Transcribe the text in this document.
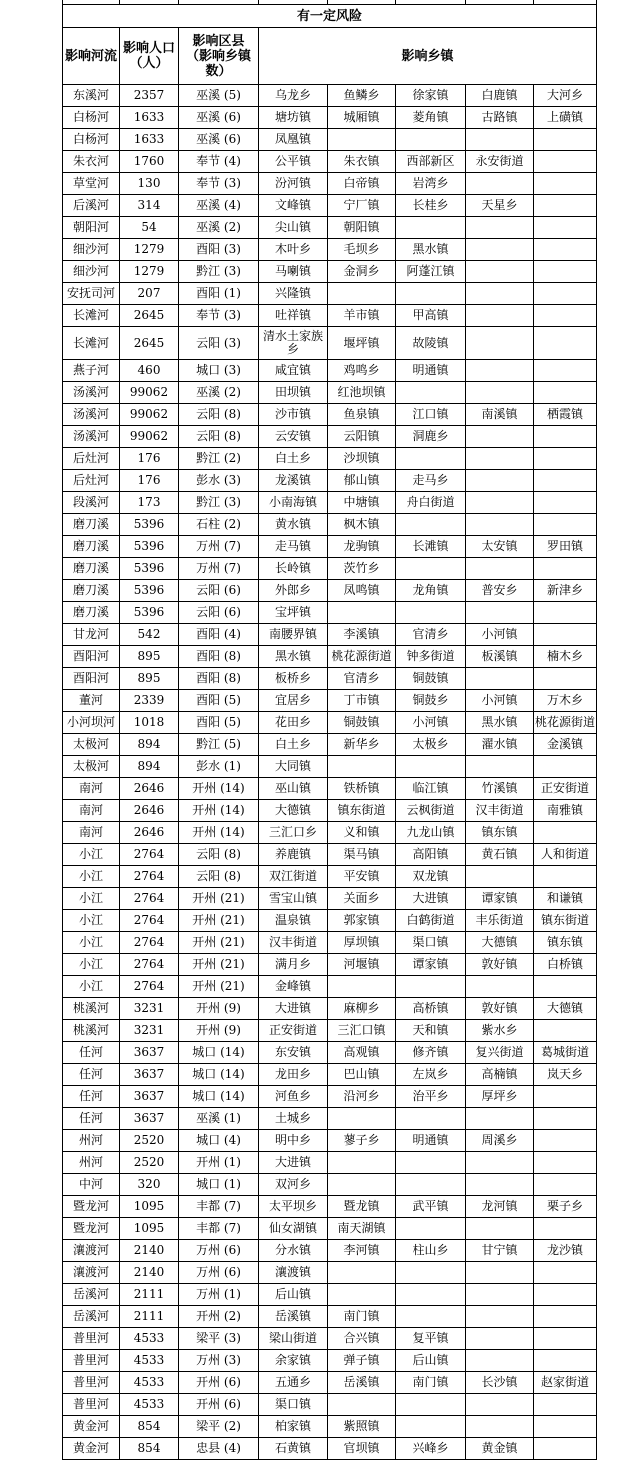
有一定风险							
影响河流	影响人口（人）	影响区县（影响乡镇数）	影响乡镇				
东溪河	2357	巫溪 (5)	乌龙乡	鱼鳞乡	徐家镇	白鹿镇	大河乡
白杨河	1633	巫溪 (6)	塘坊镇	城厢镇	菱角镇	古路镇	上磺镇
白杨河	1633	巫溪 (6)	凤凰镇				
朱衣河	1760	奉节 (4)	公平镇	朱衣镇	西部新区	永安街道	
草堂河	130	奉节 (3)	汾河镇	白帝镇	岩湾乡		
后溪河	314	巫溪 (4)	文峰镇	宁厂镇	长桂乡	天星乡	
朝阳河	54	巫溪 (2)	尖山镇	朝阳镇			
细沙河	1279	酉阳 (3)	木叶乡	毛坝乡	黑水镇		
细沙河	1279	黔江 (3)	马喇镇	金洞乡	阿蓬江镇		
安抚司河	207	酉阳 (1)	兴隆镇				
长滩河	2645	奉节 (3)	吐祥镇	羊市镇	甲高镇		
长滩河	2645	云阳 (3)	清水土家族乡	堰坪镇	故陵镇		
燕子河	460	城口 (3)	咸宜镇	鸡鸣乡	明通镇		
汤溪河	99062	巫溪 (2)	田坝镇	红池坝镇			
汤溪河	99062	云阳 (8)	沙市镇	鱼泉镇	江口镇	南溪镇	栖霞镇
汤溪河	99062	云阳 (8)	云安镇	云阳镇	洞鹿乡		
后灶河	176	黔江 (2)	白土乡	沙坝镇			
后灶河	176	彭水 (3)	龙溪镇	郁山镇	走马乡		
段溪河	173	黔江 (3)	小南海镇	中塘镇	舟白街道		
磨刀溪	5396	石柱 (2)	黄水镇	枫木镇			
磨刀溪	5396	万州 (7)	走马镇	龙驹镇	长滩镇	太安镇	罗田镇
磨刀溪	5396	万州 (7)	长岭镇	茨竹乡			
磨刀溪	5396	云阳 (6)	外郎乡	凤鸣镇	龙角镇	普安乡	新津乡
磨刀溪	5396	云阳 (6)	宝坪镇				
甘龙河	542	酉阳 (4)	南腰界镇	李溪镇	官清乡	小河镇	
酉阳河	895	酉阳 (8)	黑水镇	桃花源街道	钟多街道	板溪镇	楠木乡
酉阳河	895	酉阳 (8)	板桥乡	官清乡	铜鼓镇		
董河	2339	酉阳 (5)	宜居乡	丁市镇	铜鼓乡	小河镇	万木乡
小河坝河	1018	酉阳 (5)	花田乡	铜鼓镇	小河镇	黑水镇	桃花源街道
太极河	894	黔江 (5)	白土乡	新华乡	太极乡	濯水镇	金溪镇
太极河	894	彭水 (1)	大同镇				
南河	2646	开州 (14)	巫山镇	铁桥镇	临江镇	竹溪镇	正安街道
南河	2646	开州 (14)	大德镇	镇东街道	云枫街道	汉丰街道	南雅镇
南河	2646	开州 (14)	三汇口乡	义和镇	九龙山镇	镇东镇	
小江	2764	云阳 (8)	养鹿镇	渠马镇	高阳镇	黄石镇	人和街道
小江	2764	云阳 (8)	双江街道	平安镇	双龙镇		
小江	2764	开州 (21)	雪宝山镇	关面乡	大进镇	谭家镇	和谦镇
小江	2764	开州 (21)	温泉镇	郭家镇	白鹤街道	丰乐街道	镇东街道
小江	2764	开州 (21)	汉丰街道	厚坝镇	渠口镇	大德镇	镇东镇
小江	2764	开州 (21)	满月乡	河堰镇	谭家镇	敦好镇	白桥镇
小江	2764	开州 (21)	金峰镇				
桃溪河	3231	开州 (9)	大进镇	麻柳乡	高桥镇	敦好镇	大德镇
桃溪河	3231	开州 (9)	正安街道	三汇口镇	天和镇	紫水乡	
任河	3637	城口 (14)	东安镇	高观镇	修齐镇	复兴街道	葛城街道
任河	3637	城口 (14)	龙田乡	巴山镇	左岚乡	高楠镇	岚天乡
任河	3637	城口 (14)	河鱼乡	沿河乡	治平乡	厚坪乡	
任河	3637	巫溪 (1)	土城乡				
州河	2520	城口 (4)	明中乡	蓼子乡	明通镇	周溪乡	
州河	2520	开州 (1)	大进镇				
中河	320	城口 (1)	双河乡				
暨龙河	1095	丰都 (7)	太平坝乡	暨龙镇	武平镇	龙河镇	栗子乡
暨龙河	1095	丰都 (7)	仙女湖镇	南天湖镇			
瀼渡河	2140	万州 (6)	分水镇	李河镇	柱山乡	甘宁镇	龙沙镇
瀼渡河	2140	万州 (6)	瀼渡镇				
岳溪河	2111	万州 (1)	后山镇				
岳溪河	2111	开州 (2)	岳溪镇	南门镇			
普里河	4533	梁平 (3)	梁山街道	合兴镇	复平镇		
普里河	4533	万州 (3)	余家镇	弹子镇	后山镇		
普里河	4533	开州 (6)	五通乡	岳溪镇	南门镇	长沙镇	赵家街道
普里河	4533	开州 (6)	渠口镇				
黄金河	854	梁平 (2)	柏家镇	紫照镇			
黄金河	854	忠县 (4)	石黄镇	官坝镇	兴峰乡	黄金镇	
